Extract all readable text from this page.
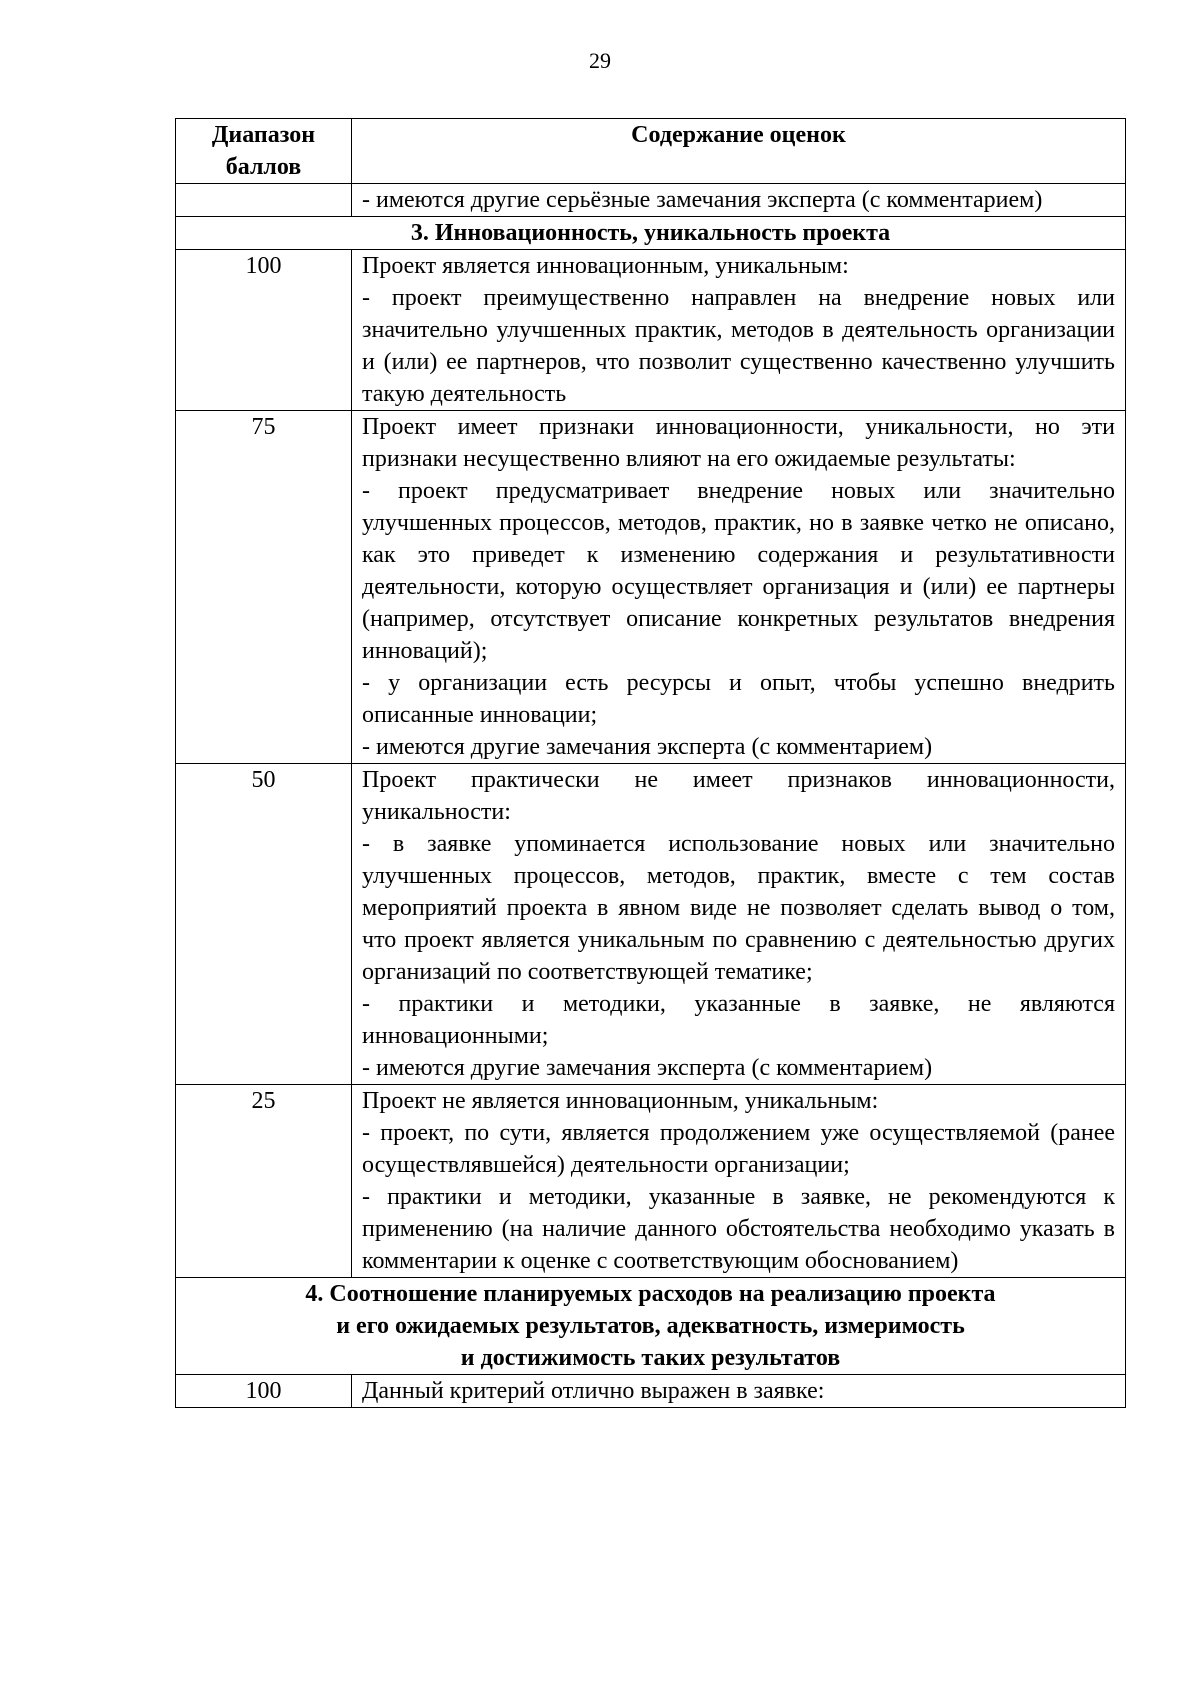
29
Диапазон баллов	Содержание оценок
	- имеются другие серьёзные замечания эксперта (с комментарием)
3. Инновационность, уникальность проекта	
100	Проект является инновационным, уникальным:
- проект преимущественно направлен на внедрение новых или значительно улучшенных практик, методов в деятельность организации и (или) ее партнеров, что позволит существенно качественно улучшить такую деятельность

75	Проект имеет признаки инновационности, уникальности, но эти признаки несущественно влияют на его ожидаемые результаты:
- проект предусматривает внедрение новых или значительно улучшенных процессов, методов, практик, но в заявке четко не описано, как это приведет к изменению содержания и результативности деятельности, которую осуществляет организация и (или) ее партнеры (например, отсутствует описание конкретных результатов внедрения инноваций);
- у организации есть ресурсы и опыт, чтобы успешно внедрить описанные инновации;
- имеются другие замечания эксперта (с комментарием)

50	Проект практически не имеет признаков инновационности, уникальности:
- в заявке упоминается использование новых или значительно улучшенных процессов, методов, практик, вместе с тем состав мероприятий проекта в явном виде не позволяет сделать вывод о том, что проект является уникальным по сравнению с деятельностью других организаций по соответствующей тематике;
- практики и методики, указанные в заявке, не являются инновационными;
- имеются другие замечания эксперта (с комментарием)

25	Проект не является инновационным, уникальным:
- проект, по сути, является продолжением уже осуществляемой (ранее осуществлявшейся) деятельности организации;
- практики и методики, указанные в заявке, не рекомендуются к применению (на наличие данного обстоятельства необходимо указать в комментарии к оценке с соответствующим обоснованием)

4. Соотношение планируемых расходов на реализацию проекта
и его ожидаемых результатов, адекватность, измеримость
и достижимость таких результатов	

100	Данный критерий отлично выражен в заявке:
